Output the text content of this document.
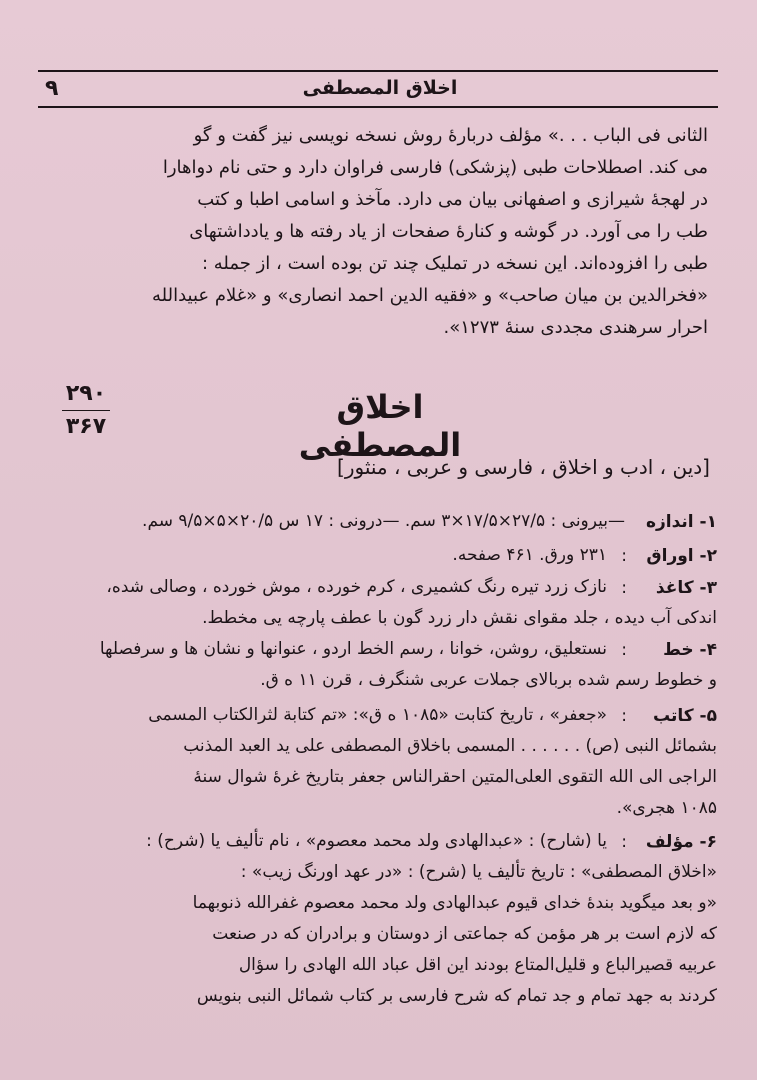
۹	اخلاق المصطفی
الثانی فی الباب . . .» مؤلف دربارهٔ روش نسخه نویسی نیز گفت و گو
می کند. اصطلاحات طبی (پزشکی) فارسی فراوان دارد و حتی نام دواهارا
در لهجهٔ شیرازی و اصفهانی بیان می دارد. مآخذ و اسامی اطبا و کتب
طب را می آورد. در گوشه و کنارهٔ صفحات از یاد رفته ها و یادداشتهای
طبی را افزوده‌اند. این نسخه در تملیک چند تن بوده است ، از جمله :
«فخرالدین بن میان صاحب» و «فقیه الدین احمد انصاری» و «غلام عبیدالله
احرار سرهندی مجددی سنهٔ ۱۲۷۳».
۲۹۰
۳۶۷
اخلاق المصطفی
[دین ، ادب و اخلاق ، فارسی و عربی ، منثور]
۱- اندازه
—بیرونی : ۲۷/۵×۱۷/۵×۳ سم. —درونی : ۱۷ س ۲۰/۵×۵×۹/۵ سم.
۲- اوراق
:
۲۳۱ ورق. ۴۶۱ صفحه.
۳- کاغذ
:
نازک زرد تیره رنگ کشمیری ، کرم خورده ، موش خورده ، وصالی شده،
اندکی آب دیده ، جلد مقوای نقش دار زرد گون با عطف پارچه یی مخطط.
۴- خط
:
نستعلیق، روشن، خوانا ، رسم الخط اردو ، عنوانها و نشان ها و سرفصلها
و خطوط رسم شده بربالای جملات عربی شنگرف ، قرن ۱۱ ه ق.
۵- کاتب
:
«جعفر» ، تاریخ کتابت «۱۰۸۵ ه ق»: «تم کتابة لثرالکتاب المسمی
بشمائل النبی (ص) . . . . . . المسمی باخلاق المصطفی علی ید العبد المذنب
الراجی الی الله التقوی العلی‌المتین احقرالناس جعفر بتاریخ غرهٔ شوال سنهٔ
۱۰۸۵ هجری».
۶- مؤلف
:
یا (شارح) : «عبدالهادی ولد محمد معصوم» ، نام تألیف یا (شرح) :
«اخلاق المصطفی» : تاریخ تألیف یا (شرح) : «در عهد اورنگ زیب» :
«و بعد میگوید بندهٔ خدای قیوم عبدالهادی ولد محمد معصوم غفرالله ذنوبهما
که لازم است بر هر مؤمن که جماعتی از دوستان و برادران که در صنعت
عربیه قصیرالباع و قلیل‌المتاع بودند این اقل عباد الله الهادی را سؤال
کردند به جهد تمام و جد تمام که شرح فارسی بر کتاب شمائل النبی بنویس
